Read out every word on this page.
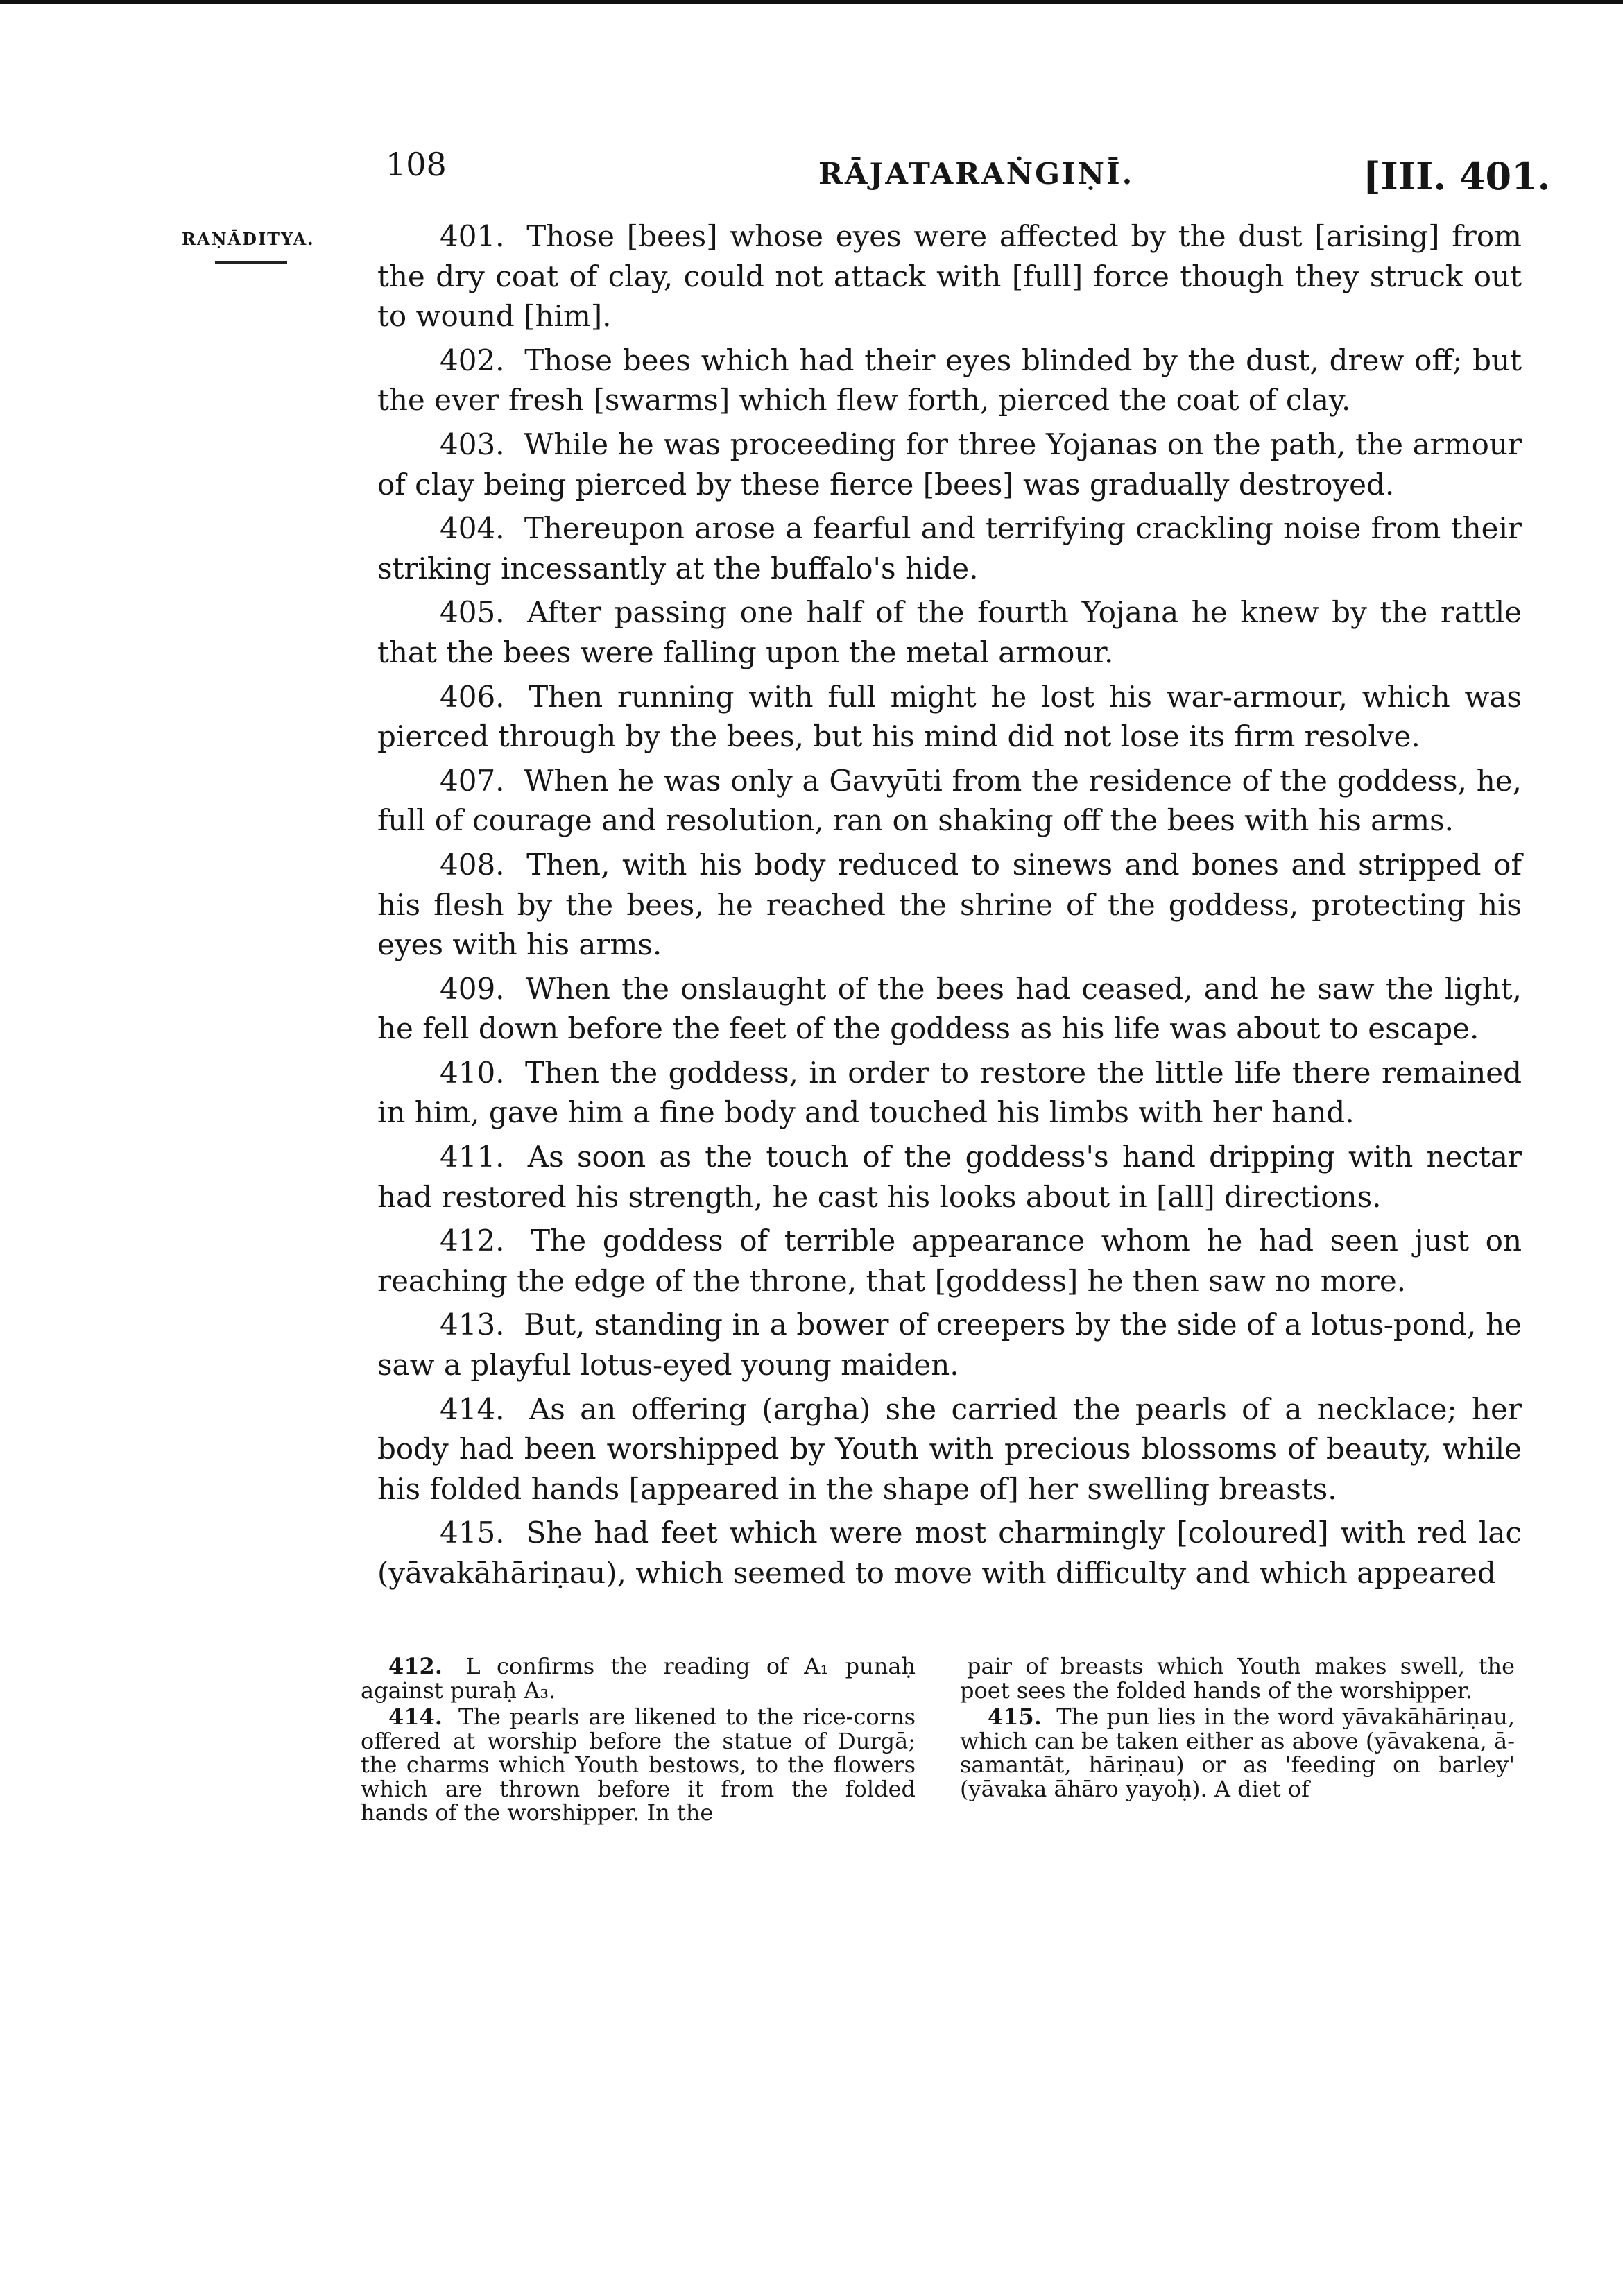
108	RĀJATARAṄGIṆĪ.	[III. 401.
RAṆĀDITYA.	401. Those [bees] whose eyes were affected by the dust [arising] from the dry coat of clay, could not attack with [full] force though they struck out to wound [him].

402. Those bees which had their eyes blinded by the dust, drew off; but the ever fresh [swarms] which flew forth, pierced the coat of clay.

403. While he was proceeding for three Yojanas on the path, the armour of clay being pierced by these fierce [bees] was gradually destroyed.

404. Thereupon arose a fearful and terrifying crackling noise from their striking incessantly at the buffalo's hide.

405. After passing one half of the fourth Yojana he knew by the rattle that the bees were falling upon the metal armour.

406. Then running with full might he lost his war-armour, which was pierced through by the bees, but his mind did not lose its firm resolve.

407. When he was only a Gavyūti from the residence of the goddess, he, full of courage and resolution, ran on shaking off the bees with his arms.

408. Then, with his body reduced to sinews and bones and stripped of his flesh by the bees, he reached the shrine of the goddess, protecting his eyes with his arms.

409. When the onslaught of the bees had ceased, and he saw the light, he fell down before the feet of the goddess as his life was about to escape.

410. Then the goddess, in order to restore the little life there remained in him, gave him a fine body and touched his limbs with her hand.

411. As soon as the touch of the goddess's hand dripping with nectar had restored his strength, he cast his looks about in [all] directions.

412. The goddess of terrible appearance whom he had seen just on reaching the edge of the throne, that [goddess] he then saw no more.

413. But, standing in a bower of creepers by the side of a lotus-pond, he saw a playful lotus-eyed young maiden.

414. As an offering (argha) she carried the pearls of a necklace; her body had been worshipped by Youth with precious blossoms of beauty, while his folded hands [appeared in the shape of] her swelling breasts.

415. She had feet which were most charmingly [coloured] with red lac (yāvakāhāriṇau), which seemed to move with difficulty and which appeared

412. L confirms the reading of A₁ punaḥ against puraḥ A₃.

414. The pearls are likened to the rice-corns offered at worship before the statue of Durgā; the charms which Youth bestows, to the flowers which are thrown before it from the folded hands of the worshipper. In the

pair of breasts which Youth makes swell, the poet sees the folded hands of the worshipper.

415. The pun lies in the word yāvakāhāriṇau, which can be taken either as above (yāvakena, ā-samantāt, hāriṇau) or as 'feeding on barley' (yāvaka āhāro yayoḥ). A diet of
